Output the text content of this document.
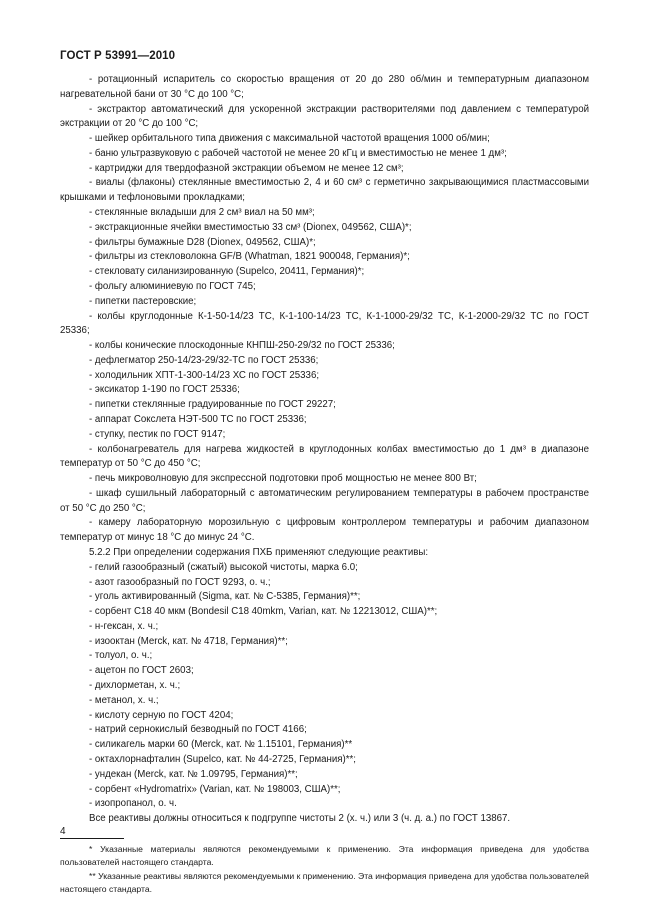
ГОСТ Р 53991—2010

- ротационный испаритель со скоростью вращения от 20 до 280 об/мин и температурным диапазоном нагревательной бани от 30 °С до 100 °С;

- экстрактор автоматический для ускоренной экстракции растворителями под давлением с температурой экстракции от 20 °С до 100 °С;

- шейкер орбитального типа движения с максимальной частотой вращения 1000 об/мин;

- баню ультразвуковую с рабочей частотой не менее 20 кГц и вместимостью не менее 1 дм³;

- картриджи для твердофазной экстракции объемом не менее 12 см³;

- виалы (флаконы) стеклянные вместимостью 2, 4 и 60 см³ с герметично закрывающимися пластмассовыми крышками и тефлоновыми прокладками;

- стеклянные вкладыши для 2 см³ виал на 50 мм³;

- экстракционные ячейки вместимостью 33 см³ (Dionex, 049562, США)*;

- фильтры бумажные D28 (Dionex, 049562, США)*;

- фильтры из стекловолокна GF/B (Whatman, 1821 900048, Германия)*;

- стекловату силанизированную (Supelco, 20411, Германия)*;

- фольгу алюминиевую по ГОСТ 745;

- пипетки пастеровские;

- колбы круглодонные К-1-50-14/23 ТС, К-1-100-14/23 ТС, К-1-1000-29/32 ТС, К-1-2000-29/32 ТС по ГОСТ 25336;

- колбы конические плоскодонные КНПШ-250-29/32 по ГОСТ 25336;

- дефлегматор 250-14/23-29/32-ТС по ГОСТ 25336;

- холодильник ХПТ-1-300-14/23 ХС по ГОСТ 25336;

- эксикатор 1-190 по ГОСТ 25336;

- пипетки стеклянные градуированные по ГОСТ 29227;

- аппарат Сокслета НЭТ-500 ТС по ГОСТ 25336;

- ступку, пестик по ГОСТ 9147;

- колбонагреватель для нагрева жидкостей в круглодонных колбах вместимостью до 1 дм³ в диапазоне температур от 50 °С до 450 °С;

- печь микроволновую для экспрессной подготовки проб мощностью не менее 800 Вт;

- шкаф сушильный лабораторный с автоматическим регулированием температуры в рабочем пространстве от 50 °С до 250 °С;

- камеру лабораторную морозильную с цифровым контроллером температуры и рабочим диапазоном температур от минус 18 °С до минус 24 °С.

5.2.2 При определении содержания ПХБ применяют следующие реактивы:

- гелий газообразный (сжатый) высокой чистоты, марка 6.0;

- азот газообразный по ГОСТ 9293, о. ч.;

- уголь активированный (Sigma, кат. № С-5385, Германия)**;

- сорбент С18 40 мкм (Bondesil C18 40mkm, Varian, кат. № 12213012, США)**;

- н-гексан, х. ч.;

- изооктан (Merck, кат. № 4718, Германия)**;

- толуол, о. ч.;

- ацетон по ГОСТ 2603;

- дихлорметан, х. ч.;

- метанол, х. ч.;

- кислоту серную по ГОСТ 4204;

- натрий сернокислый безводный по ГОСТ 4166;

- силикагель марки 60 (Merck, кат. № 1.15101, Германия)**

- октахлорнафталин (Supelco, кат. № 44-2725, Германия)**;

- ундекан (Merck, кат. № 1.09795, Германия)**;

- сорбент «Hydromatrix» (Varian, кат. № 198003, США)**;

- изопропанол, о. ч.

Все реактивы должны относиться к подгруппе чистоты 2 (х. ч.) или 3 (ч. д. а.) по ГОСТ 13867.

* Указанные материалы являются рекомендуемыми к применению. Эта информация приведена для удобства пользователей настоящего стандарта.

** Указанные реактивы являются рекомендуемыми к применению. Эта информация приведена для удобства пользователей настоящего стандарта.

4
